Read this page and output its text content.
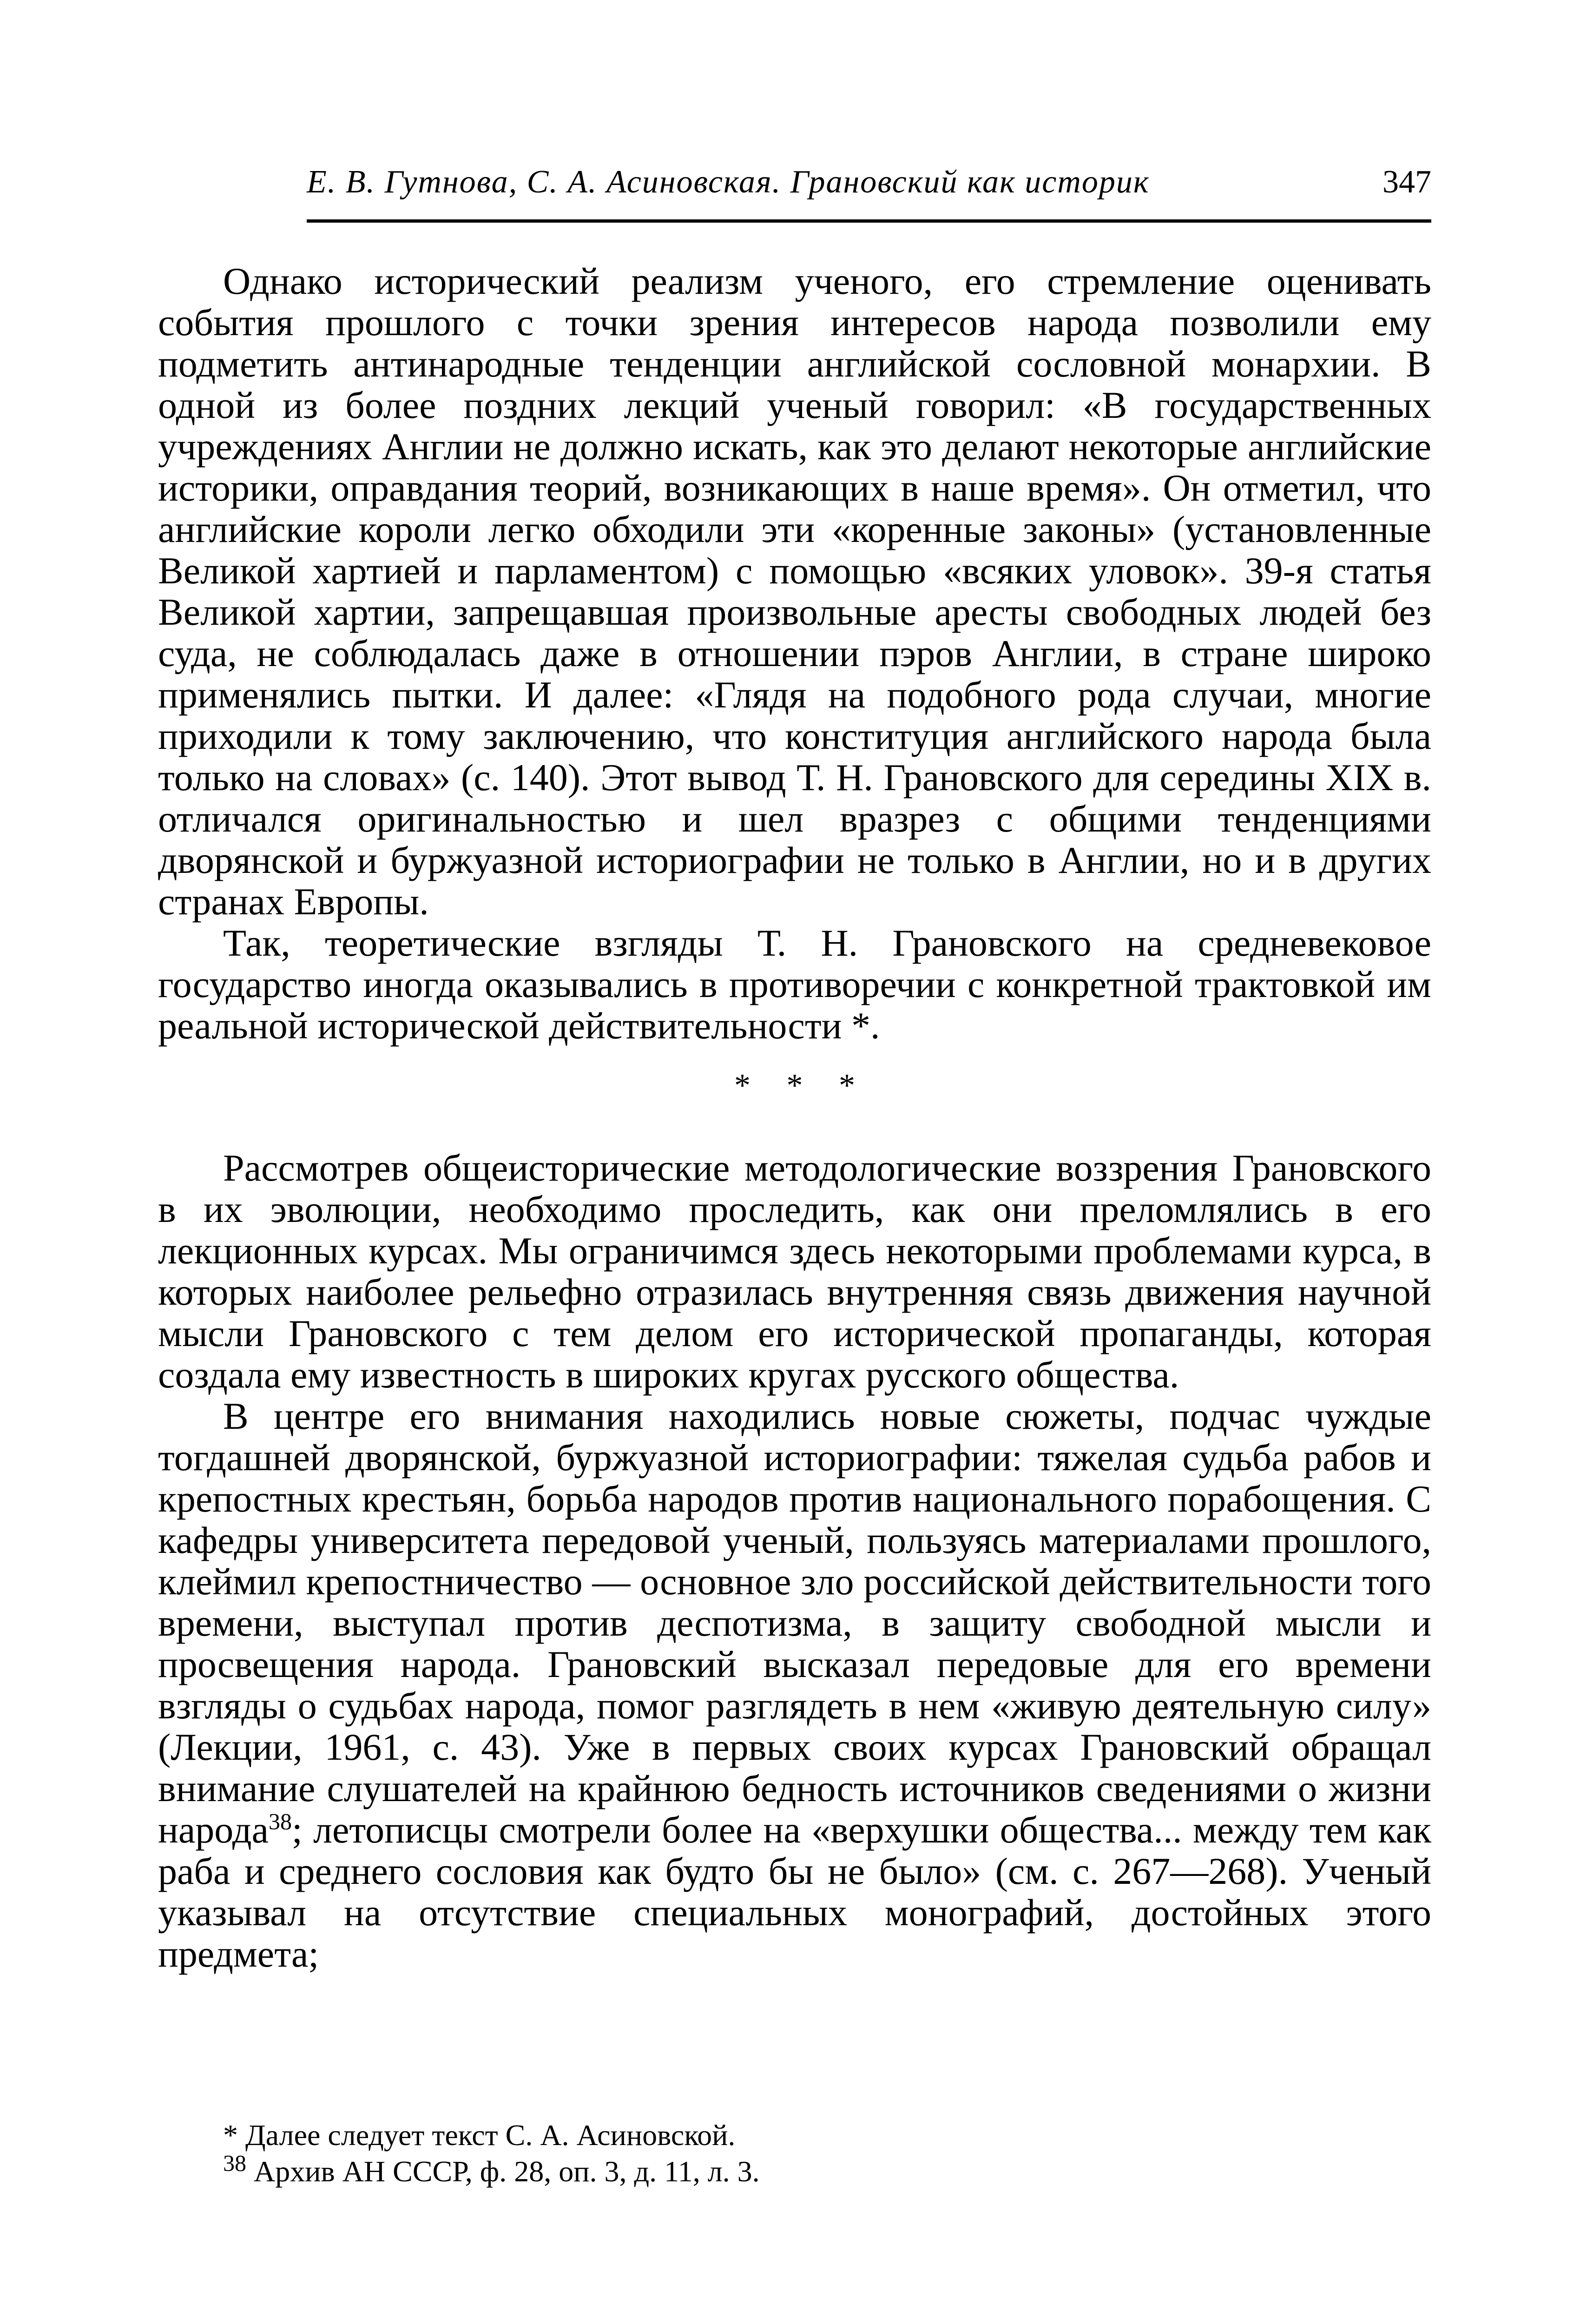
Е. В. Гутнова, С. А. Асиновская. Грановский как историк	347

Однако исторический реализм ученого, его стремление оценивать события прошлого с точки зрения интересов народа позволили ему подметить антинародные тенденции английской сословной монархии. В одной из более поздних лекций ученый говорил: «В государственных учреждениях Англии не должно искать, как это делают некоторые английские историки, оправдания теорий, возникающих в наше время». Он отметил, что английские короли легко обходили эти «коренные законы» (установленные Великой хартией и парламентом) с помощью «всяких уловок». 39-я статья Великой хартии, запрещавшая произвольные аресты свободных людей без суда, не соблюдалась даже в отношении пэров Англии, в стране широко применялись пытки. И далее: «Глядя на подобного рода случаи, многие приходили к тому заключению, что конституция английского народа была только на словах» (с. 140). Этот вывод Т. Н. Грановского для середины XIX в. отличался оригинальностью и шел вразрез с общими тенденциями дворянской и буржуазной историографии не только в Англии, но и в других странах Европы.

Так, теоретические взгляды Т. Н. Грановского на средневековое государство иногда оказывались в противоречии с конкретной трактовкой им реальной исторической действительности *.

* * *

Рассмотрев общеисторические методологические воззрения Грановского в их эволюции, необходимо проследить, как они преломлялись в его лекционных курсах. Мы ограничимся здесь некоторыми проблемами курса, в которых наиболее рельефно отразилась внутренняя связь движения научной мысли Грановского с тем делом его исторической пропаганды, которая создала ему известность в широких кругах русского общества.

В центре его внимания находились новые сюжеты, подчас чуждые тогдашней дворянской, буржуазной историографии: тяжелая судьба рабов и крепостных крестьян, борьба народов против национального порабощения. С кафедры университета передовой ученый, пользуясь материалами прошлого, клеймил крепостничество — основное зло российской действительности того времени, выступал против деспотизма, в защиту свободной мысли и просвещения народа. Грановский высказал передовые для его времени взгляды о судьбах народа, помог разглядеть в нем «живую деятельную силу» (Лекции, 1961, с. 43). Уже в первых своих курсах Грановский обращал внимание слушателей на крайнюю бедность источников сведениями о жизни народа$^{38}$; летописцы смотрели более на «верхушки общества... между тем как раба и среднего сословия как будто бы не было» (см. с. 267—268). Ученый указывал на отсутствие специальных монографий, достойных этого предмета;

* Далее следует текст С. А. Асиновской.

$^{38}$ Архив АН СССР, ф. 28, оп. 3, д. 11, л. 3.
